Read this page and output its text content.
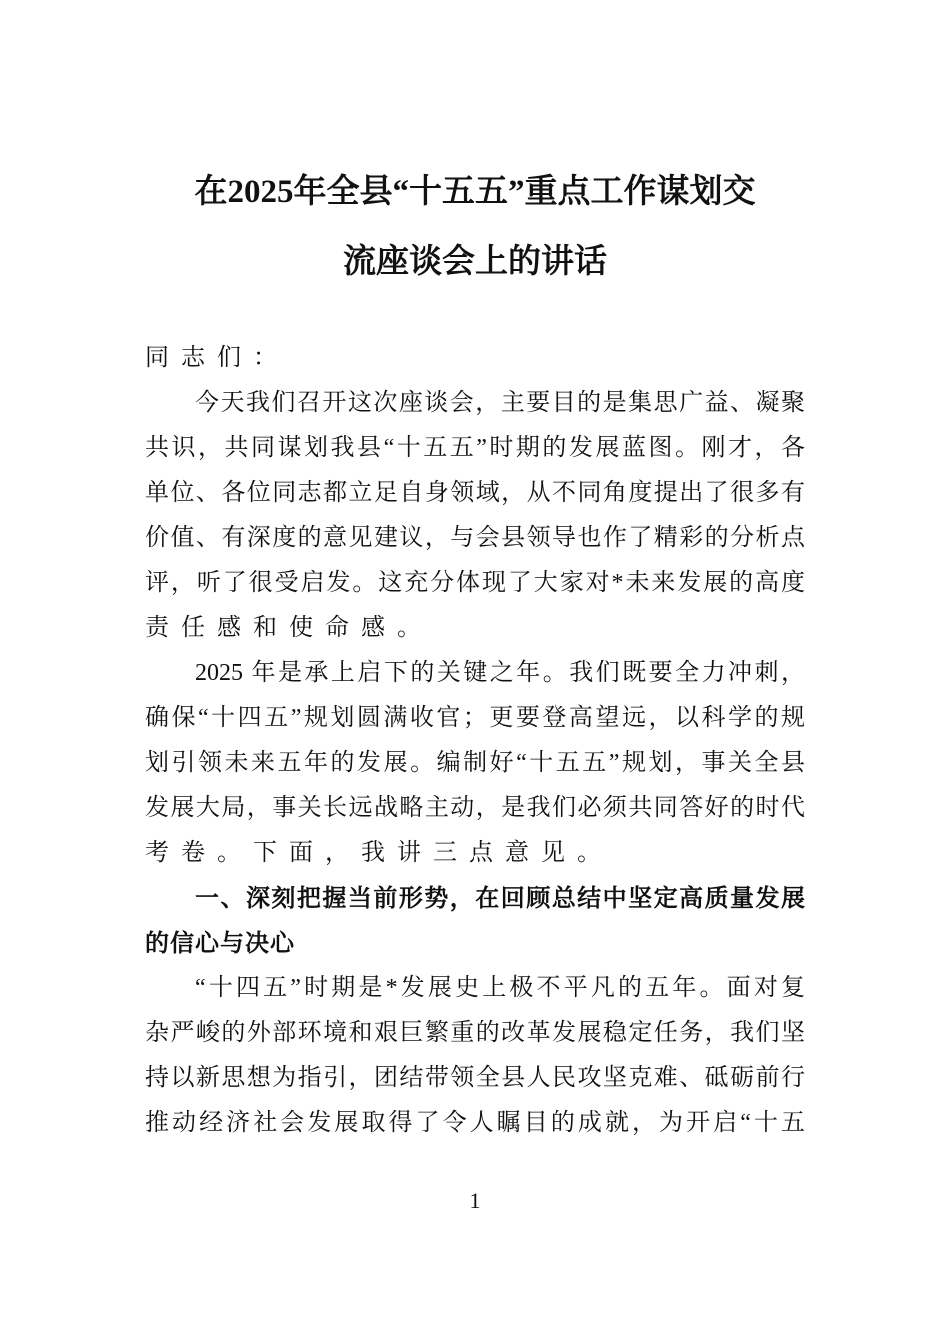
在2025年全县“十五五”重点工作谋划交
流座谈会上的讲话
同志们：
今天我们召开这次座谈会，主要目的是集思广益、凝聚
共识，共同谋划我县“十五五”时期的发展蓝图。刚才，各
单位、各位同志都立足自身领域，从不同角度提出了很多有
价值、有深度的意见建议，与会县领导也作了精彩的分析点
评，听了很受启发。这充分体现了大家对*未来发展的高度
责任感和使命感。
2025 年是承上启下的关键之年。我们既要全力冲刺，
确保“十四五”规划圆满收官；更要登高望远，以科学的规
划引领未来五年的发展。编制好“十五五”规划，事关全县
发展大局，事关长远战略主动，是我们必须共同答好的时代
考卷。下面，我讲三点意见。
一、深刻把握当前形势，在回顾总结中坚定高质量发展
的信心与决心
“十四五”时期是*发展史上极不平凡的五年。面对复
杂严峻的外部环境和艰巨繁重的改革发展稳定任务，我们坚
持以新思想为指引，团结带领全县人民攻坚克难、砥砺前行
推动经济社会发展取得了令人瞩目的成就，为开启“十五
1
